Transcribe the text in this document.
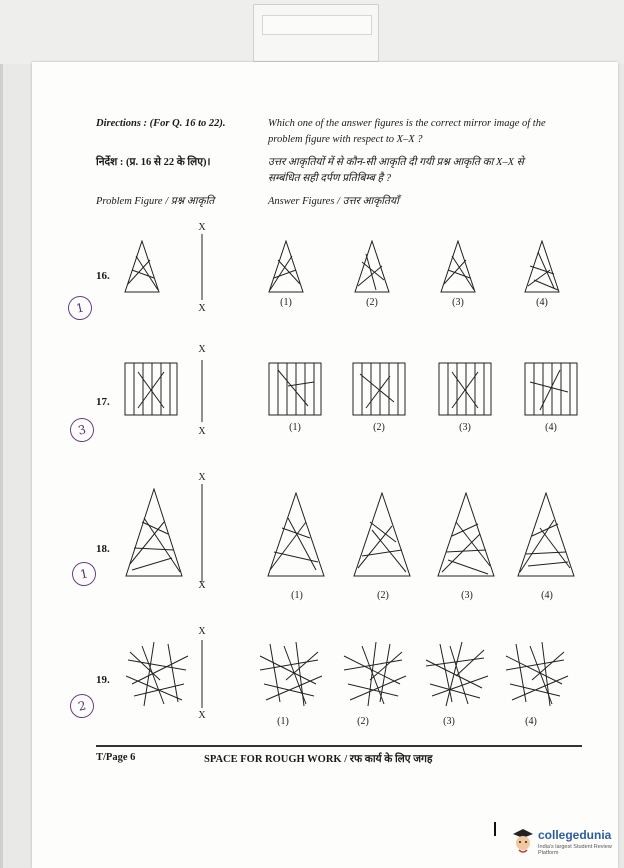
Directions : (For Q. 16 to 22).	Which one of the answer figures is the correct mirror image of the
problem figure with respect to X–X ?
निर्देश : (प्र. 16 से 22 के लिए)।	उत्तर आकृतियों में से कौन-सी आकृति दी गयी प्रश्न आकृति का X–X से
सम्बंधित सही दर्पण प्रतिबिम्ब है ?
Problem Figure / प्रश्न आकृति	Answer Figures / उत्तर आकृतियाँ
X
X
X
X
X
X
X
X
16.
1	(1)	(2)	(3)	(4)
17.
3	(1)	(2)	(3)	(4)
18.
1
(1)	(2)	(3)	(4)
19.
2
(1)	(2)	(3)	(4)
T/Page 6	SPACE FOR ROUGH WORK / रफ कार्य के लिए जगह
collegedunia
India's largest Student Review Platform
